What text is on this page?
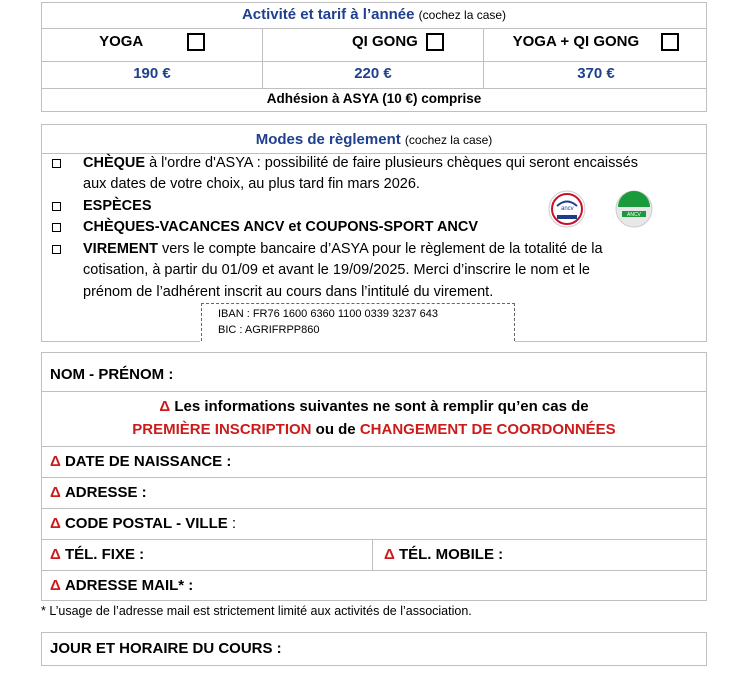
Activité et tarif à l’année (cochez la case)
YOGA	QI GONG	YOGA + QI GONG
190 €	220 €	370 €
Adhésion à ASYA (10 €) comprise
Modes de règlement (cochez la case)
CHÈQUE à l'ordre d'ASYA : possibilité de faire plusieurs chèques qui seront encaissés
aux dates de votre choix, au plus tard fin mars 2026.
ESPÈCES
CHÈQUES-VACANCES ANCV et COUPONS-SPORT ANCV
VIREMENT vers le compte bancaire d’ASYA pour le règlement de la totalité de la
cotisation, à partir du 01/09 et avant le 19/09/2025. Merci d’inscrire le nom et le
prénom de l’adhérent inscrit au cours dans l’intitulé du virement.
IBAN : FR76 1600 6360 1100 0339 3237 643
BIC : AGRIFRPP860
ancv
ANCV
NOM - PRÉNOM :
Δ Les informations suivantes ne sont à remplir qu’en cas de
PREMIÈRE INSCRIPTION ou de CHANGEMENT DE COORDONNÉES
Δ DATE DE NAISSANCE :
Δ ADRESSE :
Δ CODE POSTAL - VILLE :
Δ TÉL. FIXE :	Δ TÉL. MOBILE :
Δ ADRESSE MAIL* :
* L’usage de l’adresse mail est strictement limité aux activités de l’association.
JOUR ET HORAIRE DU COURS :
